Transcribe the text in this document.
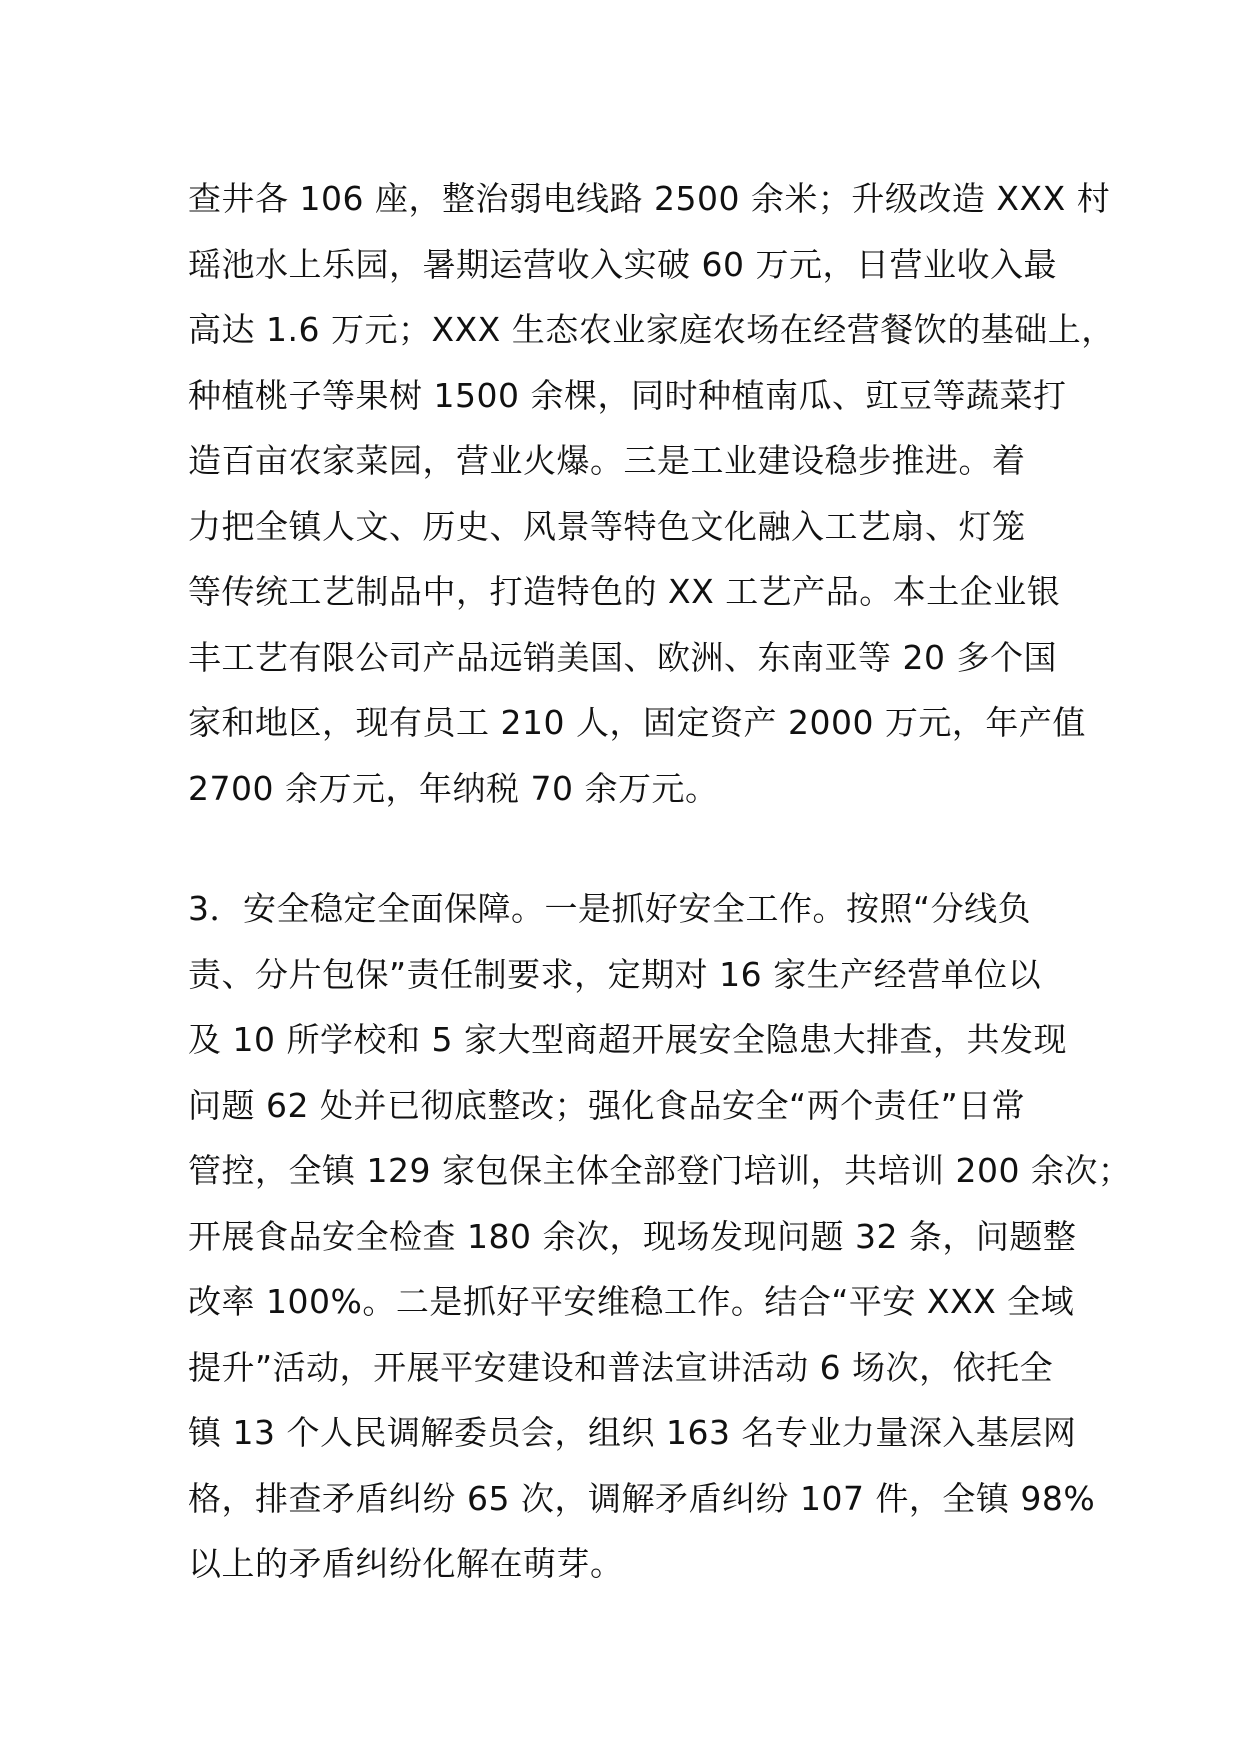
查井各 106 座，整治弱电线路 2500 余米；升级改造 XXX 村
瑶池水上乐园，暑期运营收入实破 60 万元，日营业收入最
高达 1.6 万元；XXX 生态农业家庭农场在经营餐饮的基础上，
种植桃子等果树 1500 余棵，同时种植南瓜、豇豆等蔬菜打
造百亩农家菜园，营业火爆。三是工业建设稳步推进。着
力把全镇人文、历史、风景等特色文化融入工艺扇、灯笼
等传统工艺制品中，打造特色的 XX 工艺产品。本土企业银
丰工艺有限公司产品远销美国、欧洲、东南亚等 20 多个国
家和地区，现有员工 210 人，固定资产 2000 万元，年产值
2700 余万元，年纳税 70 余万元。
3．安全稳定全面保障。一是抓好安全工作。按照“分线负
责、分片包保”责任制要求，定期对 16 家生产经营单位以
及 10 所学校和 5 家大型商超开展安全隐患大排查，共发现
问题 62 处并已彻底整改；强化食品安全“两个责任”日常
管控，全镇 129 家包保主体全部登门培训，共培训 200 余次；
开展食品安全检查 180 余次，现场发现问题 32 条，问题整
改率 100%。二是抓好平安维稳工作。结合“平安 XXX 全域
提升”活动，开展平安建设和普法宣讲活动 6 场次，依托全
镇 13 个人民调解委员会，组织 163 名专业力量深入基层网
格，排查矛盾纠纷 65 次，调解矛盾纠纷 107 件，全镇 98%
以上的矛盾纠纷化解在萌芽。
